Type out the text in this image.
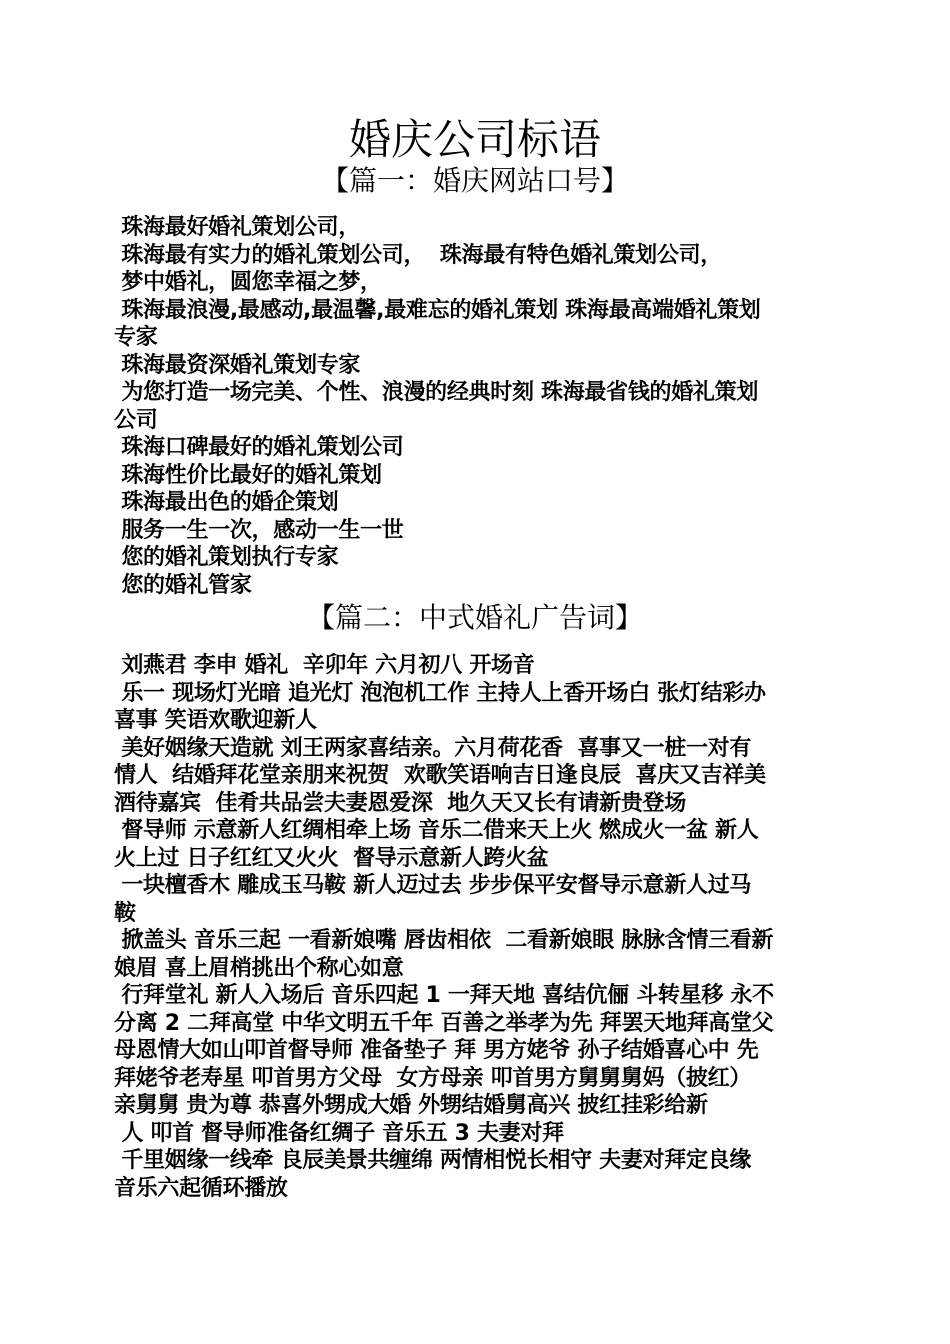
婚庆公司标语
【篇一：婚庆网站口号】
珠海最好婚礼策划公司，
珠海最有实力的婚礼策划公司，  珠海最有特色婚礼策划公司，
梦中婚礼，圆您幸福之梦，
珠海最浪漫,最感动,最温馨,最难忘的婚礼策划 珠海最高端婚礼策划
专家
珠海最资深婚礼策划专家
为您打造一场完美、个性、浪漫的经典时刻 珠海最省钱的婚礼策划
公司
珠海口碑最好的婚礼策划公司
珠海性价比最好的婚礼策划
珠海最出色的婚企策划
服务一生一次，感动一生一世
您的婚礼策划执行专家
您的婚礼管家
【篇二：中式婚礼广告词】
刘燕君 李申 婚礼  辛卯年 六月初八 开场音
乐一 现场灯光暗 追光灯 泡泡机工作 主持人上香开场白 张灯结彩办
喜事 笑语欢歌迎新人
美好姻缘天造就 刘王两家喜结亲。六月荷花香  喜事又一桩一对有
情人  结婚拜花堂亲朋来祝贺  欢歌笑语响吉日逢良辰  喜庆又吉祥美
酒待嘉宾  佳肴共品尝夫妻恩爱深  地久天又长有请新贵登场
督导师 示意新人红绸相牵上场 音乐二借来天上火 燃成火一盆 新人
火上过 日子红红又火火  督导示意新人跨火盆
一块檀香木 雕成玉马鞍 新人迈过去 步步保平安督导示意新人过马
鞍
掀盖头 音乐三起 一看新娘嘴 唇齿相依  二看新娘眼 脉脉含情三看新
娘眉 喜上眉梢挑出个称心如意
行拜堂礼 新人入场后 音乐四起 1 一拜天地 喜结伉俪 斗转星移 永不
分离 2 二拜高堂 中华文明五千年 百善之举孝为先 拜罢天地拜高堂父
母恩情大如山叩首督导师 准备垫子 拜 男方姥爷 孙子结婚喜心中 先
拜姥爷老寿星 叩首男方父母  女方母亲 叩首男方舅舅舅妈（披红）
亲舅舅 贵为尊 恭喜外甥成大婚 外甥结婚舅高兴 披红挂彩给新
人 叩首 督导师准备红绸子 音乐五 3 夫妻对拜
千里姻缘一线牵 良辰美景共缠绵 两情相悦长相守 夫妻对拜定良缘
音乐六起循环播放
